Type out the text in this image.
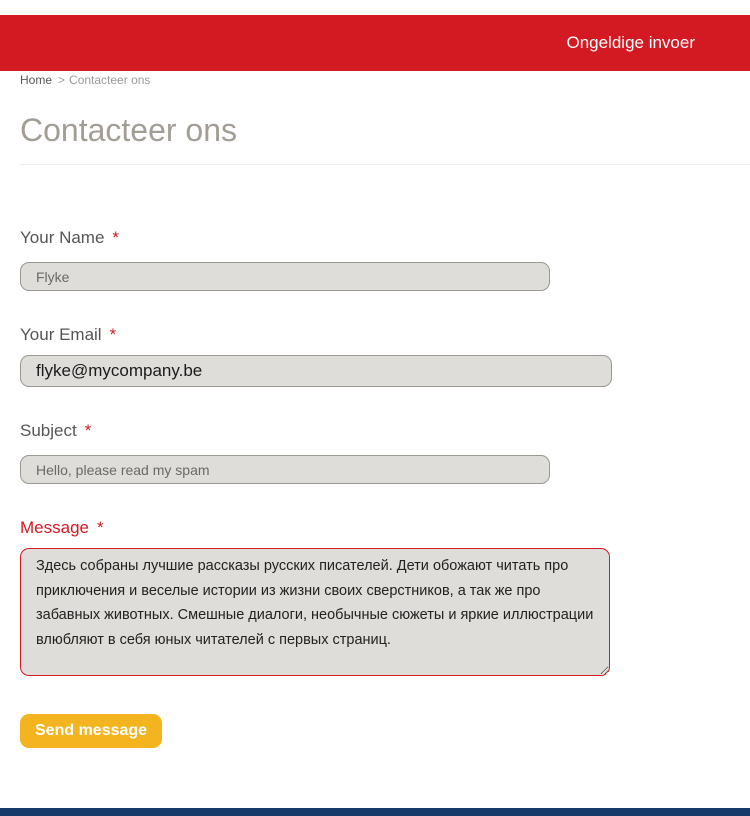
Ongeldige invoer
Home > Contacteer ons
Contacteer ons
Your Name *
Flyke
Your Email *
flyke@mycompany.be
Subject *
Hello, please read my spam
Message *
Здесь собраны лучшие рассказы русских писателей. Дети обожают читать про приключения и веселые истории из жизни своих сверстников, а так же про забавных животных. Смешные диалоги, необычные сюжеты и яркие иллюстрации влюбляют в себя юных читателей с первых страниц.
Send message
